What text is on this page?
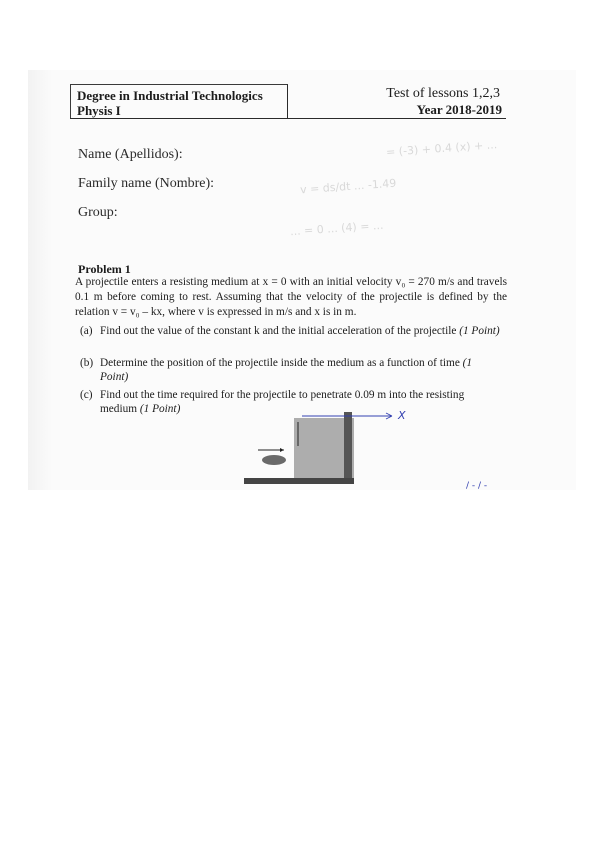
= (-3) + 0.4 (x) + ...
v = ds/dt ... -1.49
... = 0 ... (4) = ...
Degree in Industrial Technologics
Physis I
Test of lessons 1,2,3
Year 2018-2019
Name (Apellidos):
Family name (Nombre):
Group:
Problem 1
A projectile enters a resisting medium at x = 0 with an initial velocity v₀ = 270 m/s and travels 0.1 m before coming to rest. Assuming that the velocity of the projectile is defined by the relation v = v₀ – kx, where v is expressed in m/s and x is in m.
(a) Find out the value of the constant k and the initial acceleration of the projectile (1 Point)
(b) Determine the position of the projectile inside the medium as a function of time (1 Point)
(c) Find out the time required for the projectile to penetrate 0.09 m into the resisting medium (1 Point)	X
/ - / -
